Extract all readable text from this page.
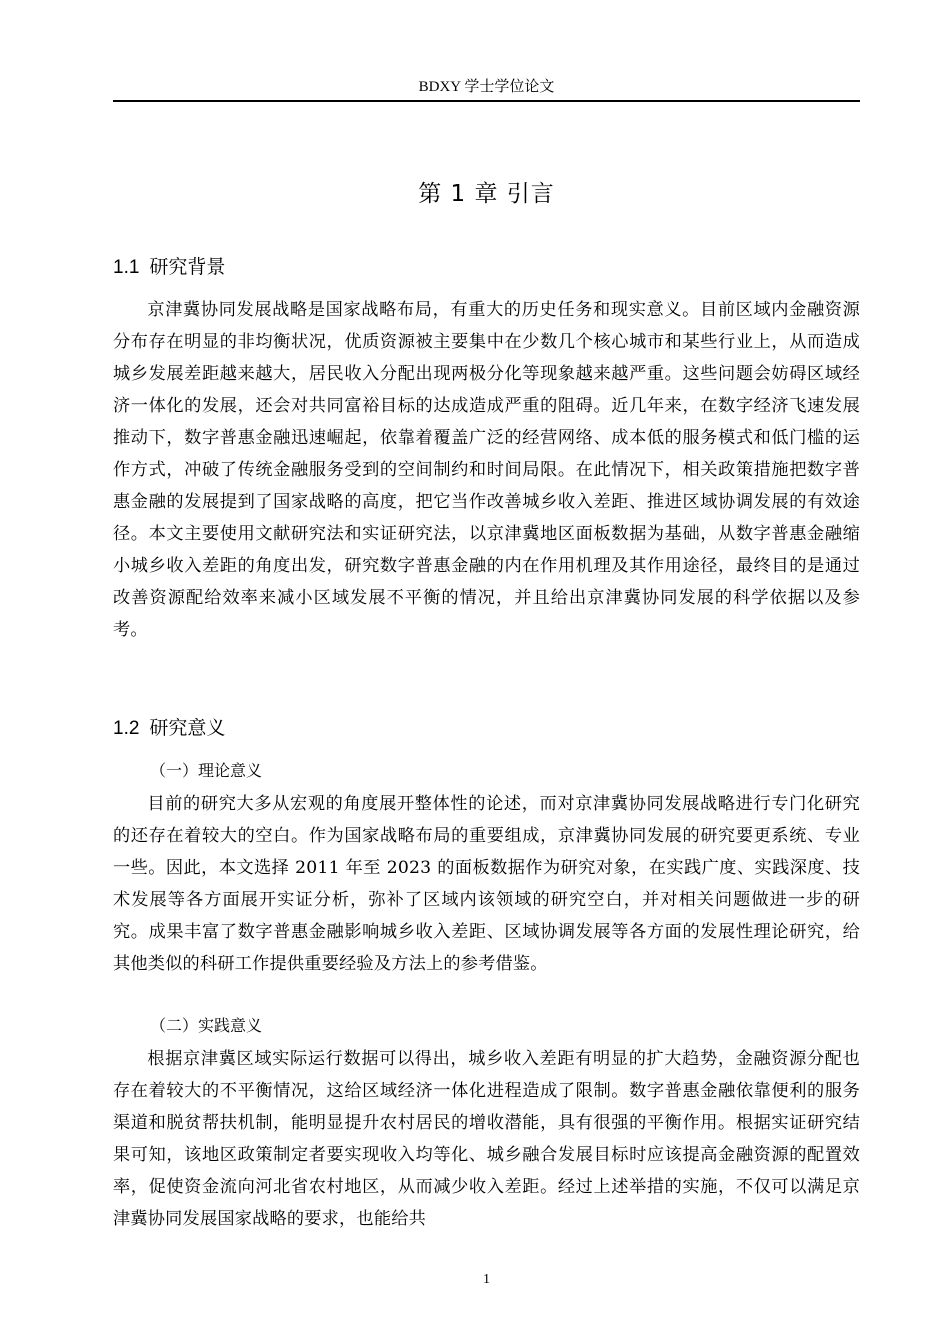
BDXY 学士学位论文
第 1 章 引言
1.1 研究背景

京津冀协同发展战略是国家战略布局，有重大的历史任务和现实意义。目前区域内金融资源分布存在明显的非均衡状况，优质资源被主要集中在少数几个核心城市和某些行业上，从而造成城乡发展差距越来越大，居民收入分配出现两极分化等现象越来越严重。这些问题会妨碍区域经济一体化的发展，还会对共同富裕目标的达成造成严重的阻碍。近几年来，在数字经济飞速发展推动下，数字普惠金融迅速崛起，依靠着覆盖广泛的经营网络、成本低的服务模式和低门槛的运作方式，冲破了传统金融服务受到的空间制约和时间局限。在此情况下，相关政策措施把数字普惠金融的发展提到了国家战略的高度，把它当作改善城乡收入差距、推进区域协调发展的有效途径。本文主要使用文献研究法和实证研究法，以京津冀地区面板数据为基础，从数字普惠金融缩小城乡收入差距的角度出发，研究数字普惠金融的内在作用机理及其作用途径，最终目的是通过改善资源配给效率来减小区域发展不平衡的情况，并且给出京津冀协同发展的科学依据以及参考。

1.2 研究意义
（一）理论意义

目前的研究大多从宏观的角度展开整体性的论述，而对京津冀协同发展战略进行专门化研究的还存在着较大的空白。作为国家战略布局的重要组成，京津冀协同发展的研究要更系统、专业一些。因此，本文选择 2011 年至 2023 的面板数据作为研究对象，在实践广度、实践深度、技术发展等各方面展开实证分析，弥补了区域内该领域的研究空白，并对相关问题做进一步的研究。成果丰富了数字普惠金融影响城乡收入差距、区域协调发展等各方面的发展性理论研究，给其他类似的科研工作提供重要经验及方法上的参考借鉴。

（二）实践意义

根据京津冀区域实际运行数据可以得出，城乡收入差距有明显的扩大趋势，金融资源分配也存在着较大的不平衡情况，这给区域经济一体化进程造成了限制。数字普惠金融依靠便利的服务渠道和脱贫帮扶机制，能明显提升农村居民的增收潜能，具有很强的平衡作用。根据实证研究结果可知，该地区政策制定者要实现收入均等化、城乡融合发展目标时应该提高金融资源的配置效率，促使资金流向河北省农村地区，从而减少收入差距。经过上述举措的实施，不仅可以满足京津冀协同发展国家战略的要求，也能给共

1
